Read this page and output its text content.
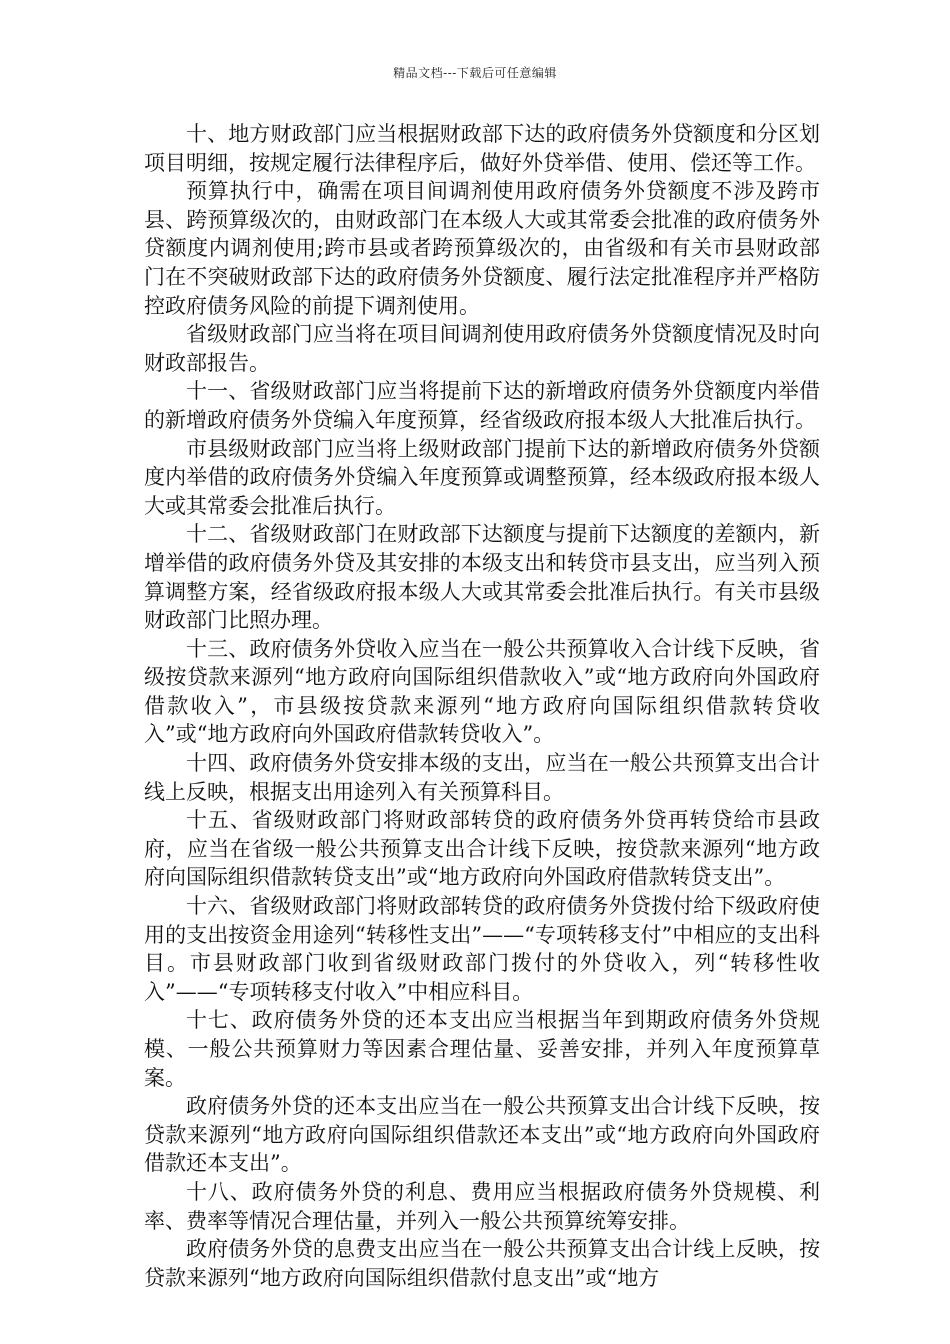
精品文档---下载后可任意编辑

十、地方财政部门应当根据财政部下达的政府债务外贷额度和分区划项目明细，按规定履行法律程序后，做好外贷举借、使用、偿还等工作。

预算执行中，确需在项目间调剂使用政府债务外贷额度不涉及跨市县、跨预算级次的，由财政部门在本级人大或其常委会批准的政府债务外贷额度内调剂使用;跨市县或者跨预算级次的，由省级和有关市县财政部门在不突破财政部下达的政府债务外贷额度、履行法定批准程序并严格防控政府债务风险的前提下调剂使用。

省级财政部门应当将在项目间调剂使用政府债务外贷额度情况及时向财政部报告。

十一、省级财政部门应当将提前下达的新增政府债务外贷额度内举借的新增政府债务外贷编入年度预算，经省级政府报本级人大批准后执行。

市县级财政部门应当将上级财政部门提前下达的新增政府债务外贷额度内举借的政府债务外贷编入年度预算或调整预算，经本级政府报本级人大或其常委会批准后执行。

十二、省级财政部门在财政部下达额度与提前下达额度的差额内，新增举借的政府债务外贷及其安排的本级支出和转贷市县支出，应当列入预算调整方案，经省级政府报本级人大或其常委会批准后执行。有关市县级财政部门比照办理。

十三、政府债务外贷收入应当在一般公共预算收入合计线下反映，省级按贷款来源列“地方政府向国际组织借款收入”或“地方政府向外国政府借款收入”，市县级按贷款来源列“地方政府向国际组织借款转贷收入”或“地方政府向外国政府借款转贷收入”。

十四、政府债务外贷安排本级的支出，应当在一般公共预算支出合计线上反映，根据支出用途列入有关预算科目。

十五、省级财政部门将财政部转贷的政府债务外贷再转贷给市县政府，应当在省级一般公共预算支出合计线下反映，按贷款来源列“地方政府向国际组织借款转贷支出”或“地方政府向外国政府借款转贷支出”。

十六、省级财政部门将财政部转贷的政府债务外贷拨付给下级政府使用的支出按资金用途列“转移性支出”——“专项转移支付”中相应的支出科目。市县财政部门收到省级财政部门拨付的外贷收入，列“转移性收入”——“专项转移支付收入”中相应科目。

十七、政府债务外贷的还本支出应当根据当年到期政府债务外贷规模、一般公共预算财力等因素合理估量、妥善安排，并列入年度预算草案。

政府债务外贷的还本支出应当在一般公共预算支出合计线下反映，按贷款来源列“地方政府向国际组织借款还本支出”或“地方政府向外国政府借款还本支出”。

十八、政府债务外贷的利息、费用应当根据政府债务外贷规模、利率、费率等情况合理估量，并列入一般公共预算统筹安排。

政府债务外贷的息费支出应当在一般公共预算支出合计线上反映，按贷款来源列“地方政府向国际组织借款付息支出”或“地方
